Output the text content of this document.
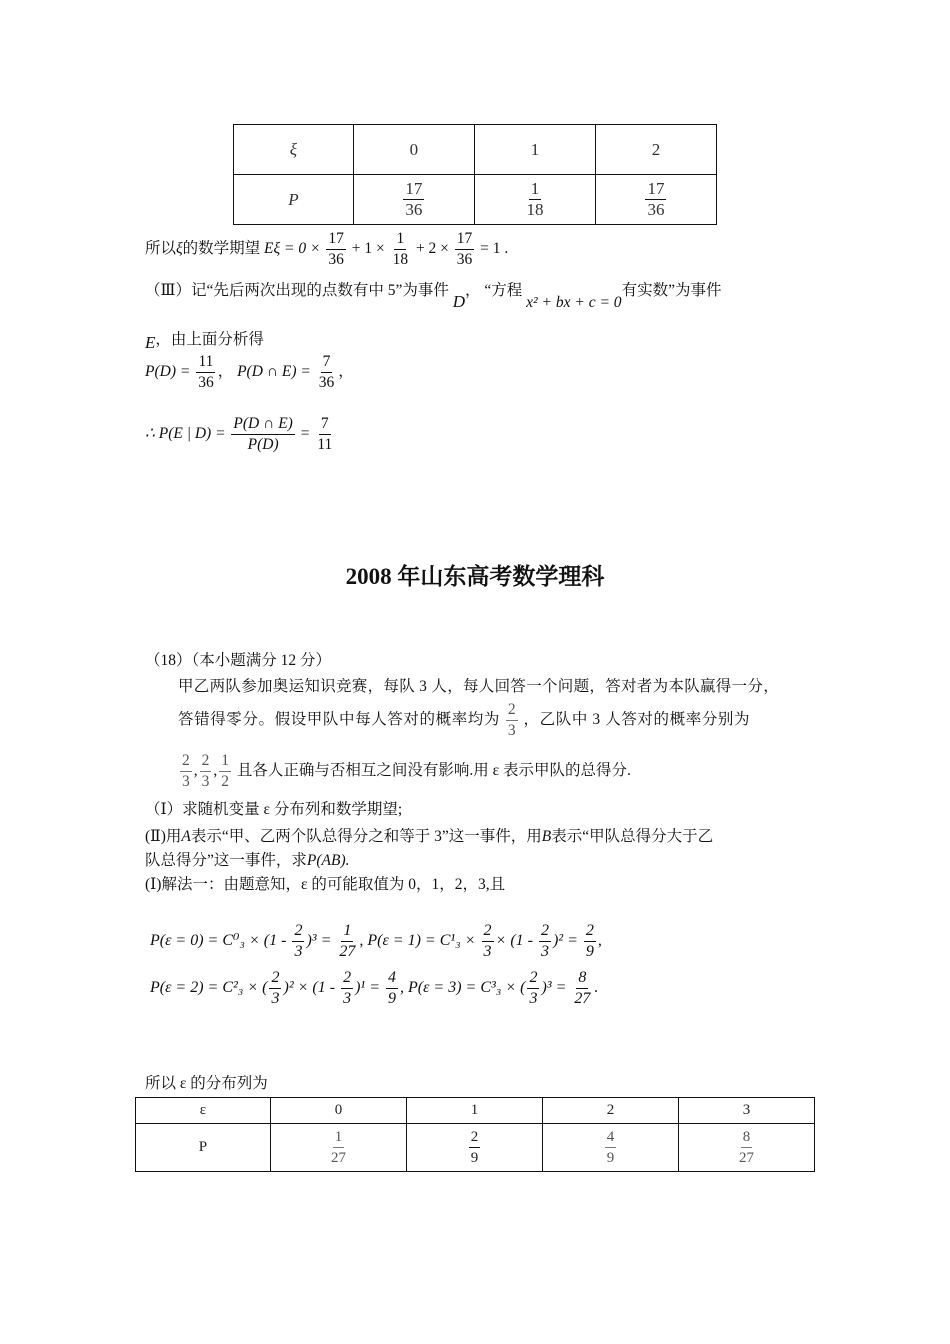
ξ	0	1	2
P	$\frac{17}{36}$	$\frac{1}{18}$	$\frac{17}{36}$
所以ξ的数学期望 $E\xi = 0 \times \frac{17}{36} + 1 \times \frac{1}{18} + 2 \times \frac{17}{36} = 1$ .
（Ⅲ）记“先后两次出现的点数有中 5”为事件 D， “方程 x² + bx + c = 0有实数”为事件
E，由上面分析得
$P(D) = \frac{11}{36}$ ， P(D ∩ $E) = \frac{7}{36}$ ，
∴ P(E | $D) = \frac{P(D \cap E)}{P(D)} = \frac{7}{11}$
2008 年山东高考数学理科
（18）（本小题满分 12 分）
甲乙两队参加奥运知识竞赛，每队 3 人，每人回答一个问题，答对者为本队赢得一分，
答错得零分。假设甲队中每人答对的概率均为 $\frac{2}{3}$ ，乙队中 3 人答对的概率分别为
$\frac{2}{3}$ , $\frac{2}{3}$ , $\frac{1}{2}$ 且各人正确与否相互之间没有影响.用 ε 表示甲队的总得分.
（Ⅰ）求随机变量 ε 分布列和数学期望;
(Ⅱ)用A表示“甲、乙两个队总得分之和等于 3”这一事件，用B表示“甲队总得分大于乙
队总得分”这一事件，求P(AB).
(Ⅰ)解法一：由题意知，ε 的可能取值为 0，1，2，3,且
$P(\varepsilon = 0) = C^0_3 \times (1 - \frac{2}{3} )^3 = \frac{1}{27}$ , $P(\varepsilon = 1) = C^1_3 \times \frac{2}{3} \times (1 - \frac{2}{3} )^2 = \frac{2}{9}$ ,
P(ε = 2) = C²₃ × ( $\frac{2}{3} )^2 \times (1 - \frac{2}{3} )^1 = \frac{4}{9}$ , P(ε = 3) = C³₃ × ( $\frac{2}{3} )^3 = \frac{8}{27}$ .
所以 ε 的分布列为
ε	0	1	2	3
P	$\frac{1}{27}$	$\frac{2}{9}$	$\frac{4}{9}$	$\frac{8}{27}$
